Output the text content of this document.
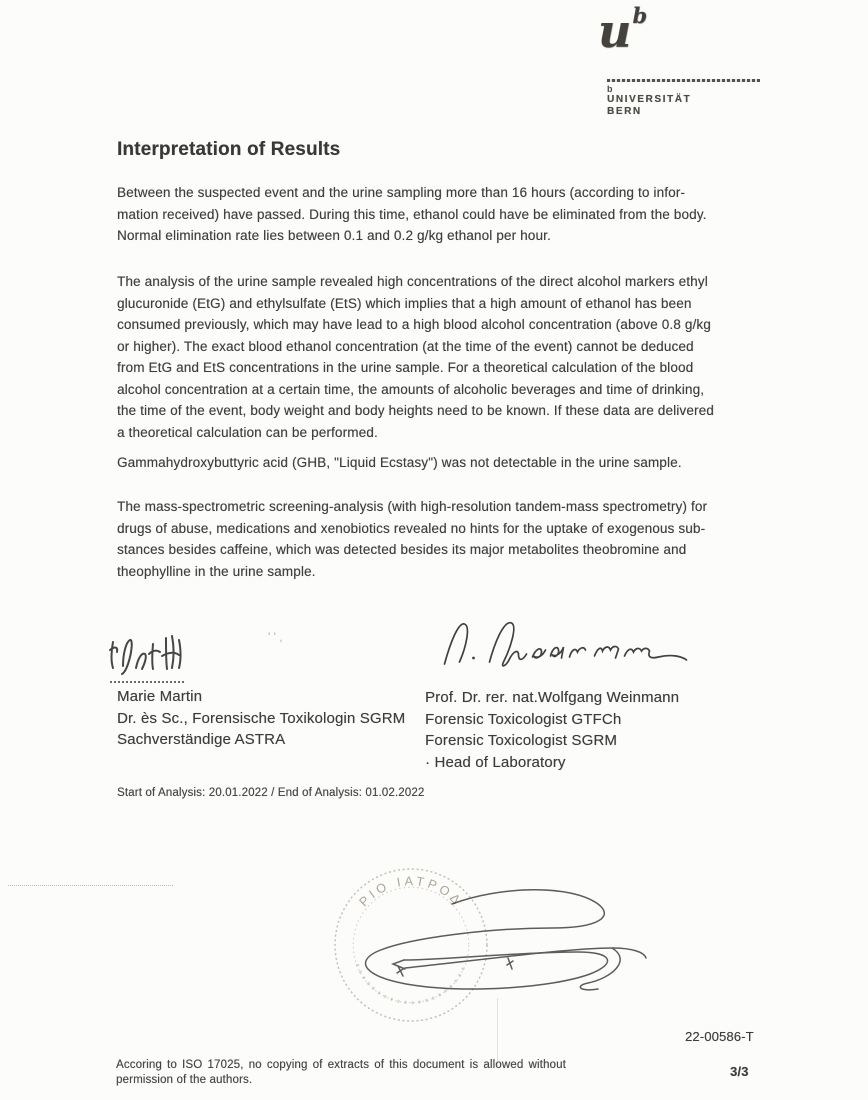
$u^b$
b
UNIVERSITÄT
BERN
Interpretation of Results
Between the suspected event and the urine sampling more than 16 hours (according to infor-
mation received) have passed. During this time, ethanol could have be eliminated from the body.
Normal elimination rate lies between 0.1 and 0.2 g/kg ethanol per hour.
The analysis of the urine sample revealed high concentrations of the direct alcohol markers ethyl
glucuronide (EtG) and ethylsulfate (EtS) which implies that a high amount of ethanol has been
consumed previously, which may have lead to a high blood alcohol concentration (above 0.8 g/kg
or higher). The exact blood ethanol concentration (at the time of the event) cannot be deduced
from EtG and EtS concentrations in the urine sample. For a theoretical calculation of the blood
alcohol concentration at a certain time, the amounts of alcoholic beverages and time of drinking,
the time of the event, body weight and body heights need to be known. If these data are delivered
a theoretical calculation can be performed.
Gammahydroxybuttyric acid (GHB, "Liquid Ecstasy") was not detectable in the urine sample.
The mass-spectrometric screening-analysis (with high-resolution tandem-mass spectrometry) for
drugs of abuse, medications and xenobiotics revealed no hints for the uptake of exogenous sub-
stances besides caffeine, which was detected besides its major metabolites theobromine and
theophylline in the urine sample.
' ' ,
Marie Martin
Dr. ès Sc., Forensische Toxikologin SGRM
Sachverständige ASTRA
Prof. Dr. rer. nat.Wolfgang Weinmann
Forensic Toxicologist GTFCh
Forensic Toxicologist SGRM
· Head of Laboratory
Start of Analysis: 20.01.2022 / End of Analysis: 01.02.2022
ΡΙΟ ΙΑΤΡΟΔ
22-00586-T
Accoring to ISO 17025, no copying of extracts of this document is allowed without
permission of the authors.
3/3
